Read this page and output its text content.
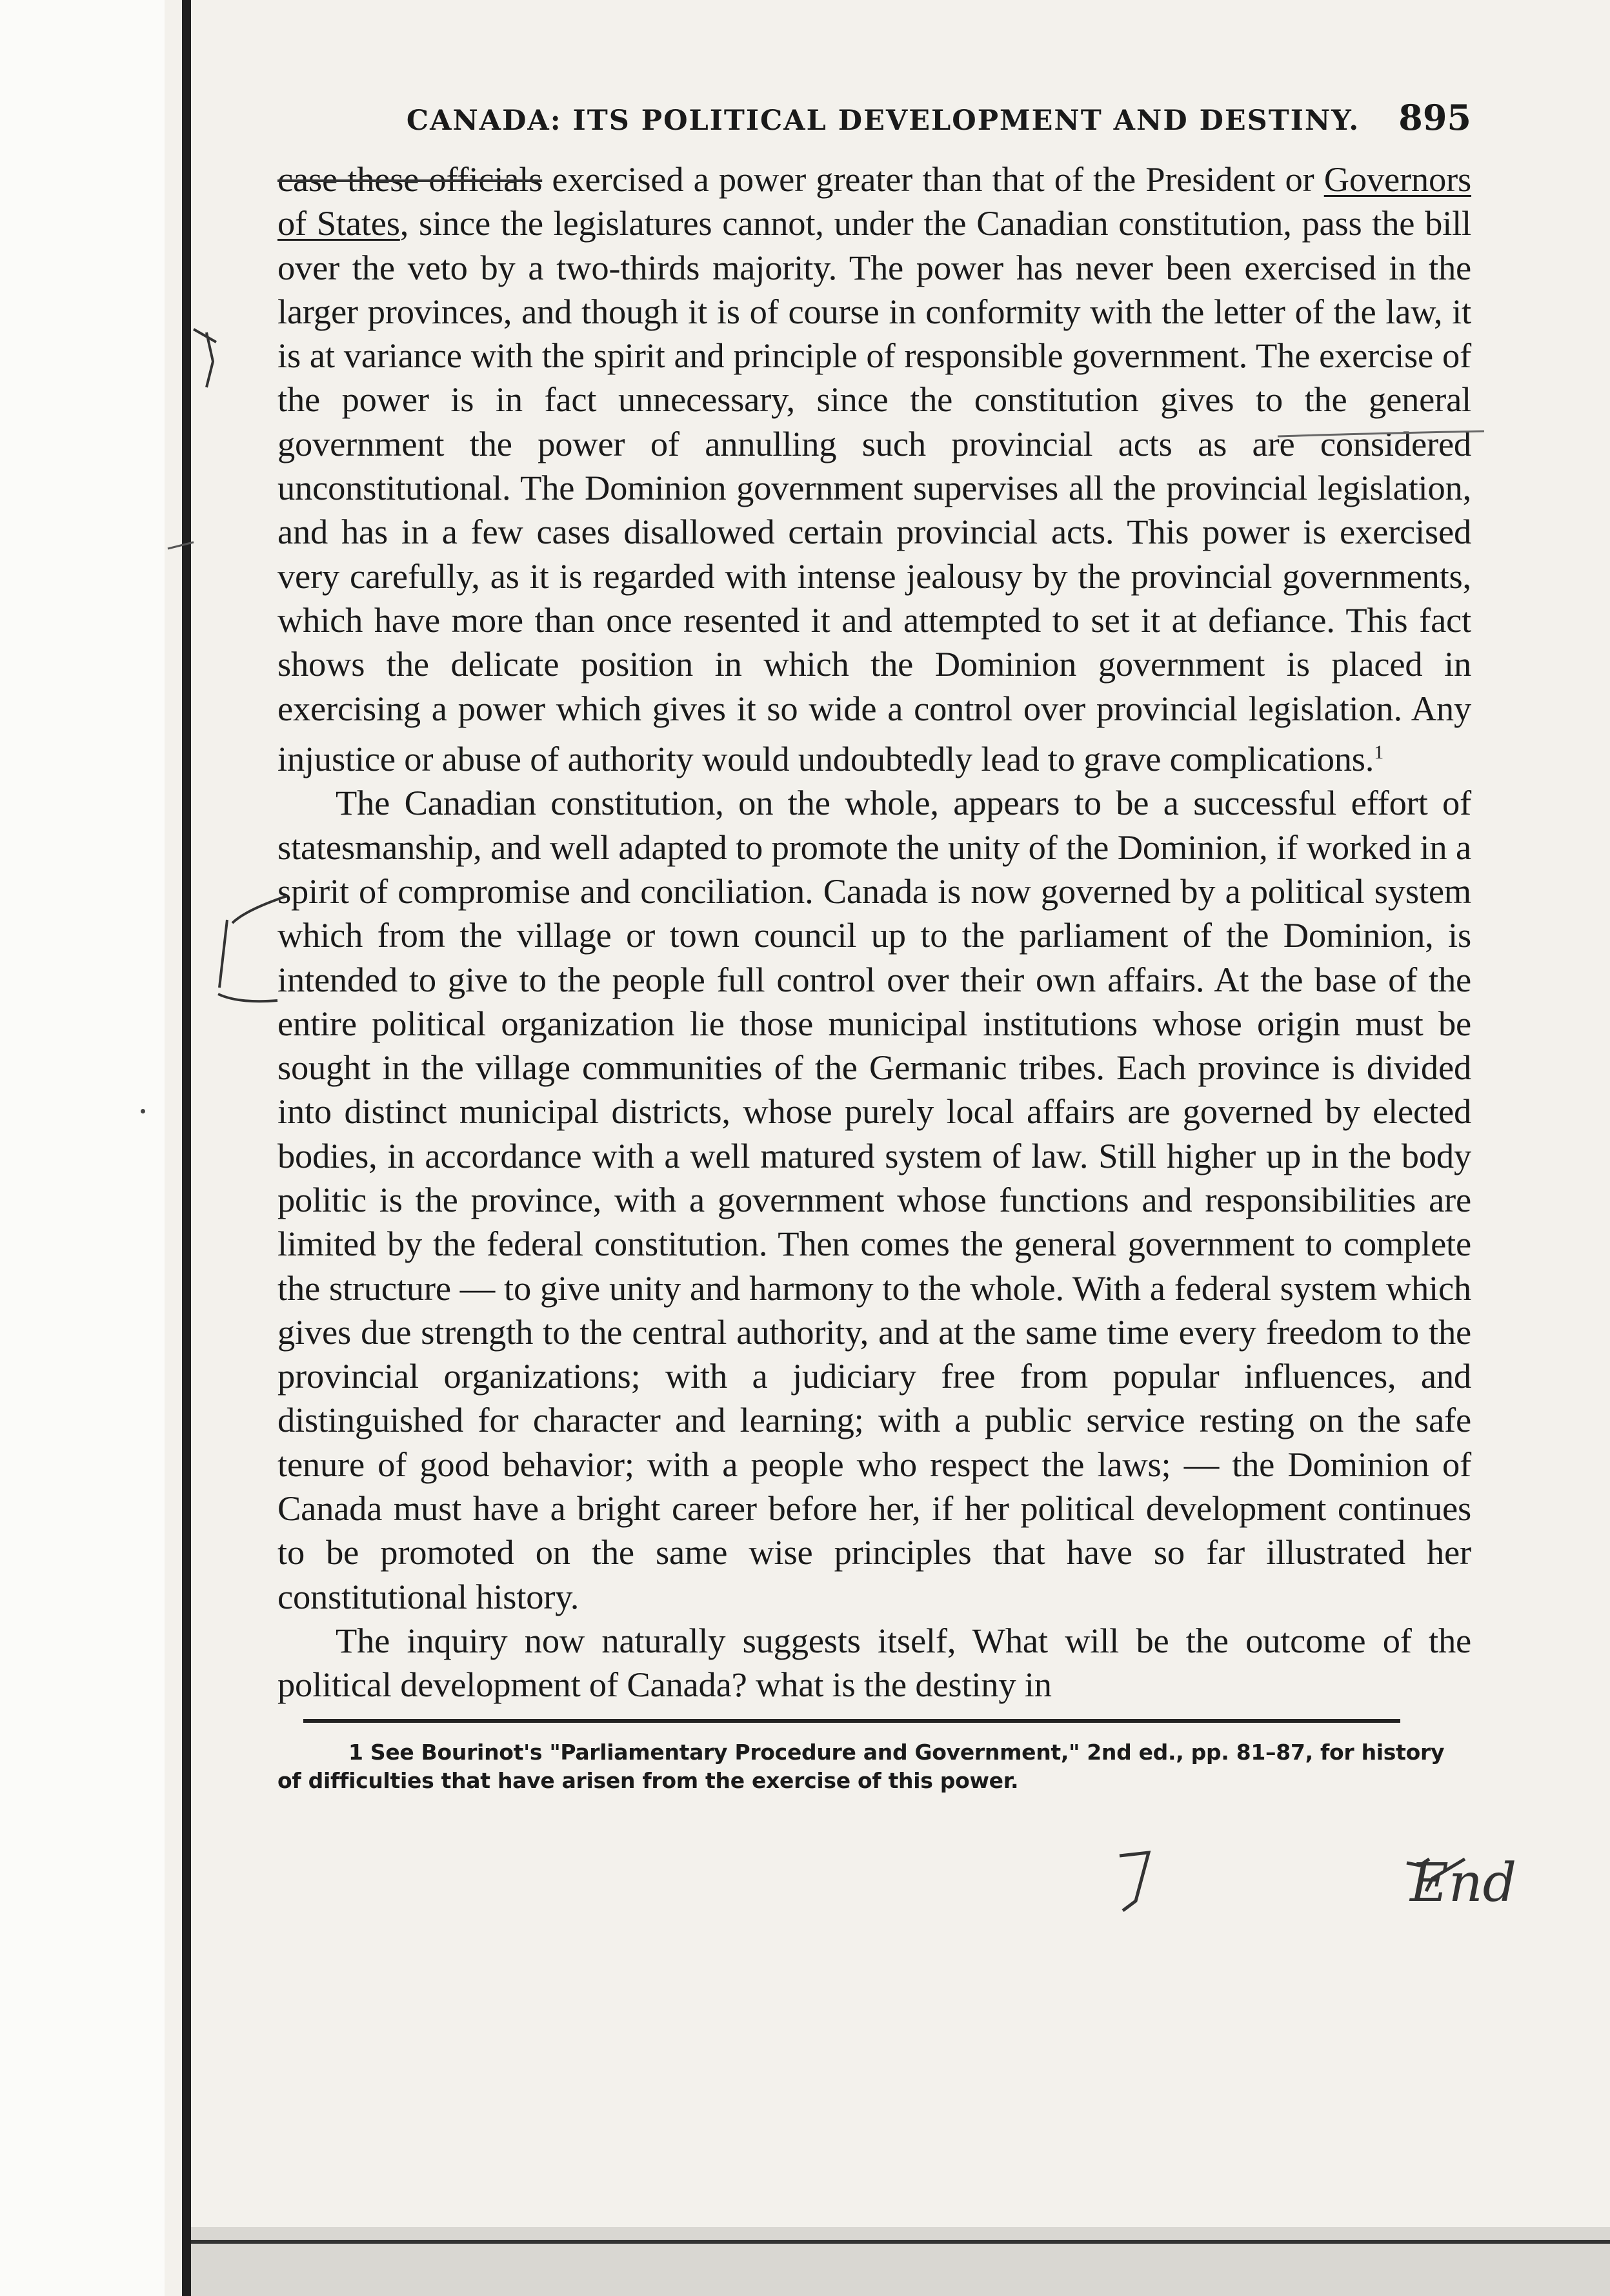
CANADA: ITS POLITICAL DEVELOPMENT AND DESTINY. 895

case these officials exercised a power greater than that of the President or Governors of States, since the legislatures cannot, under the Canadian constitution, pass the bill over the veto by a two-thirds majority. The power has never been exercised in the larger provinces, and though it is of course in conformity with the letter of the law, it is at variance with the spirit and principle of responsible government. The exercise of the power is in fact unnecessary, since the constitution gives to the general government the power of annulling such provincial acts as are considered unconstitutional. The Dominion government supervises all the provincial legislation, and has in a few cases disallowed certain provincial acts. This power is exercised very carefully, as it is regarded with intense jealousy by the provincial governments, which have more than once resented it and attempted to set it at defiance. This fact shows the delicate position in which the Dominion government is placed in exercising a power which gives it so wide a control over provincial legislation. Any injustice or abuse of authority would undoubtedly lead to grave complications.$^1$

The Canadian constitution, on the whole, appears to be a successful effort of statesmanship, and well adapted to promote the unity of the Dominion, if worked in a spirit of compromise and conciliation. Canada is now governed by a political system which from the village or town council up to the parliament of the Dominion, is intended to give to the people full control over their own affairs. At the base of the entire political organization lie those municipal institutions whose origin must be sought in the village communities of the Germanic tribes. Each province is divided into distinct municipal districts, whose purely local affairs are governed by elected bodies, in accordance with a well matured system of law. Still higher up in the body politic is the province, with a government whose functions and responsibilities are limited by the federal constitution. Then comes the general government to complete the structure — to give unity and harmony to the whole. With a federal system which gives due strength to the central authority, and at the same time every freedom to the provincial organizations; with a judiciary free from popular influences, and distinguished for character and learning; with a public service resting on the safe tenure of good behavior; with a people who respect the laws; — the Dominion of Canada must have a bright career before her, if her political development continues to be promoted on the same wise principles that have so far illustrated her constitutional history.

The inquiry now naturally suggests itself, What will be the outcome of the political development of Canada? what is the destiny in

1 See Bourinot's "Parliamentary Procedure and Government," 2nd ed., pp. 81–87, for history of difficulties that have arisen from the exercise of this power.
End
